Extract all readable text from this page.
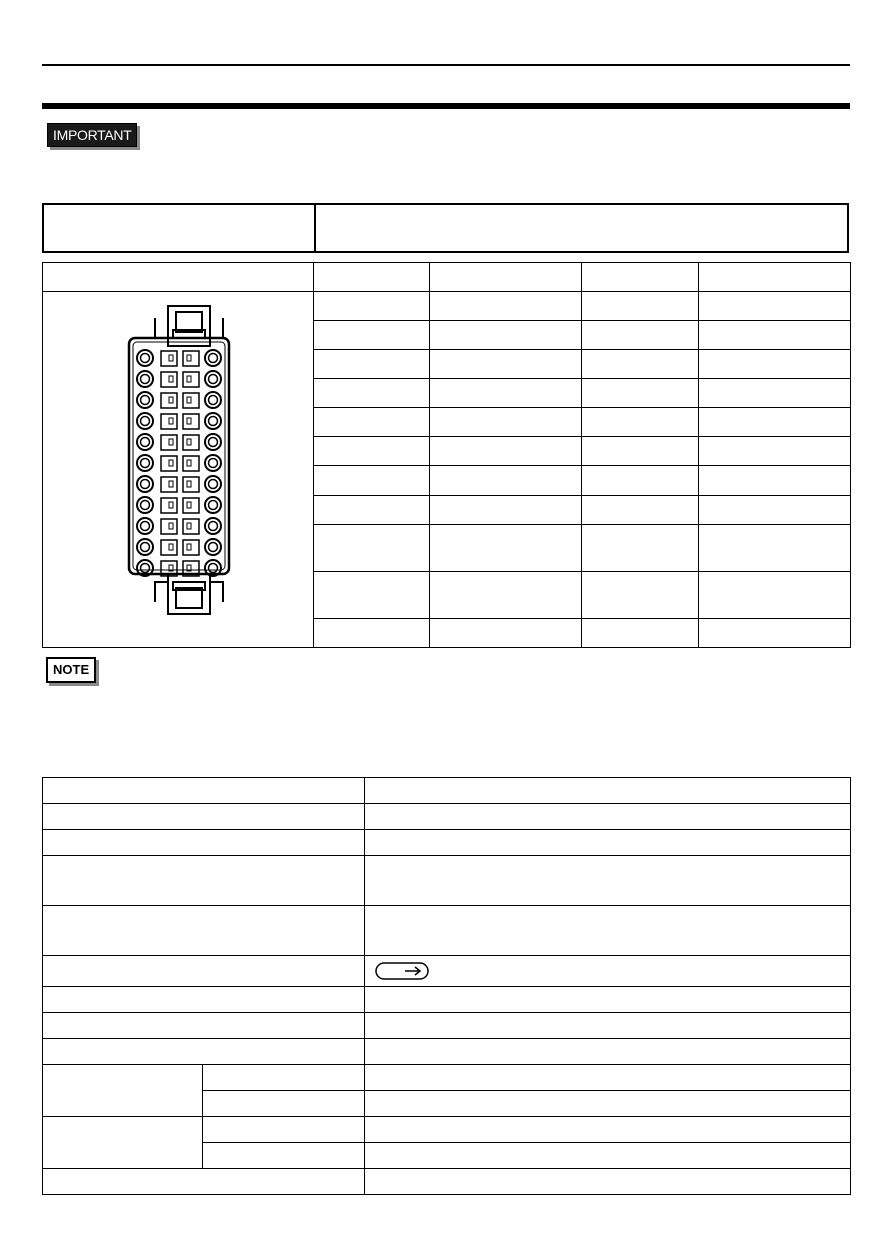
IMPORTANT

NOTE
